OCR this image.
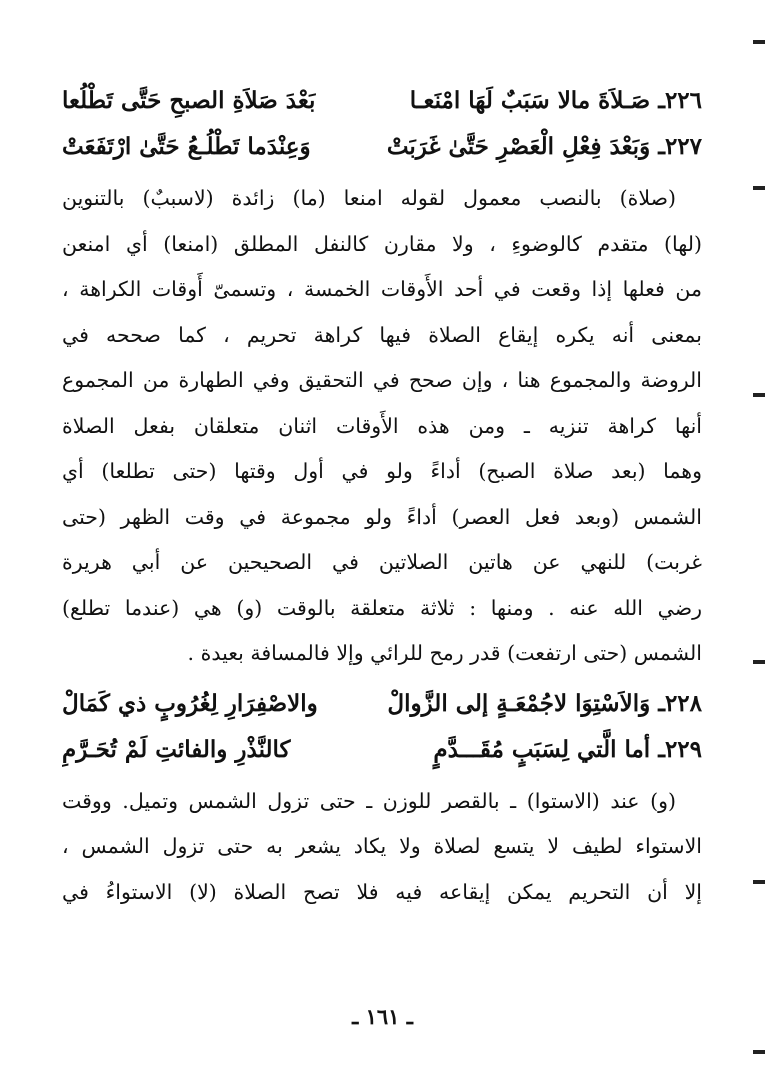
٢٢٦ـ صَـلاَةَ مالا سَبَبٌ لَهَا امْنَعـا
بَعْدَ صَلاَةِ الصبحِ حَتَّى تَطْلُعا
٢٢٧ـ وَبَعْدَ فِعْلِ الْعَصْرِ حَتَّىٰ غَرَبَتْ
وَعِنْدَما تَطْلُـعُ حَتَّىٰ ارْتَفَعَتْ
(صلاة) بالنصب معمول لقوله امنعا (ما) زائدة (لاسببٌ) بالتنوين
(لها) متقدم كالوضوءِ ، ولا مقارن كالنفل المطلق (امنعا) أي امنعن
من فعلها إذا وقعت في أحد الأَوقات الخمسة ، وتسمىّ أَوقات الكراهة ،
بمعنى أنه يكره إيقاع الصلاة فيها كراهة تحريم ، كما صححه في
الروضة والمجموع هنا ، وإن صحح في التحقيق وفي الطهارة من المجموع
أنها كراهة تنزيه ـ ومن هذه الأَوقات اثنان متعلقان بفعل الصلاة
وهما (بعد صلاة الصبح) أداءً ولو في أول وقتها (حتى تطلعا) أي
الشمس (وبعد فعل العصر) أداءً ولو مجموعة في وقت الظهر (حتى
غربت) للنهي عن هاتين الصلاتين في الصحيحين عن أبي هريرة
رضي الله عنه . ومنها : ثلاثة متعلقة بالوقت (و) هي (عندما تطلع)
الشمس (حتى ارتفعت) قدر رمح للرائي وإلا فالمسافة بعيدة .
٢٢٨ـ وَالاَسْتِوَا لاجُمْعَـةٍ إلى الزَّوالْ
والاصْفِرَارِ لِغُرُوبٍ ذي كَمَالْ
٢٢٩ـ أما الَّتي لِسَبَبٍ مُقَـــدَّمٍ
كالنَّذْرِ والفائتِ لَمْ تُحَـرَّمِ
(و) عند (الاستوا) ـ بالقصر للوزن ـ حتى تزول الشمس وتميل. ووقت
الاستواء لطيف لا يتسع لصلاة ولا يكاد يشعر به حتى تزول الشمس ،
إلا أن التحريم يمكن إيقاعه فيه فلا تصح الصلاة (لا) الاستواءُ في
ـ ١٦١ ـ
